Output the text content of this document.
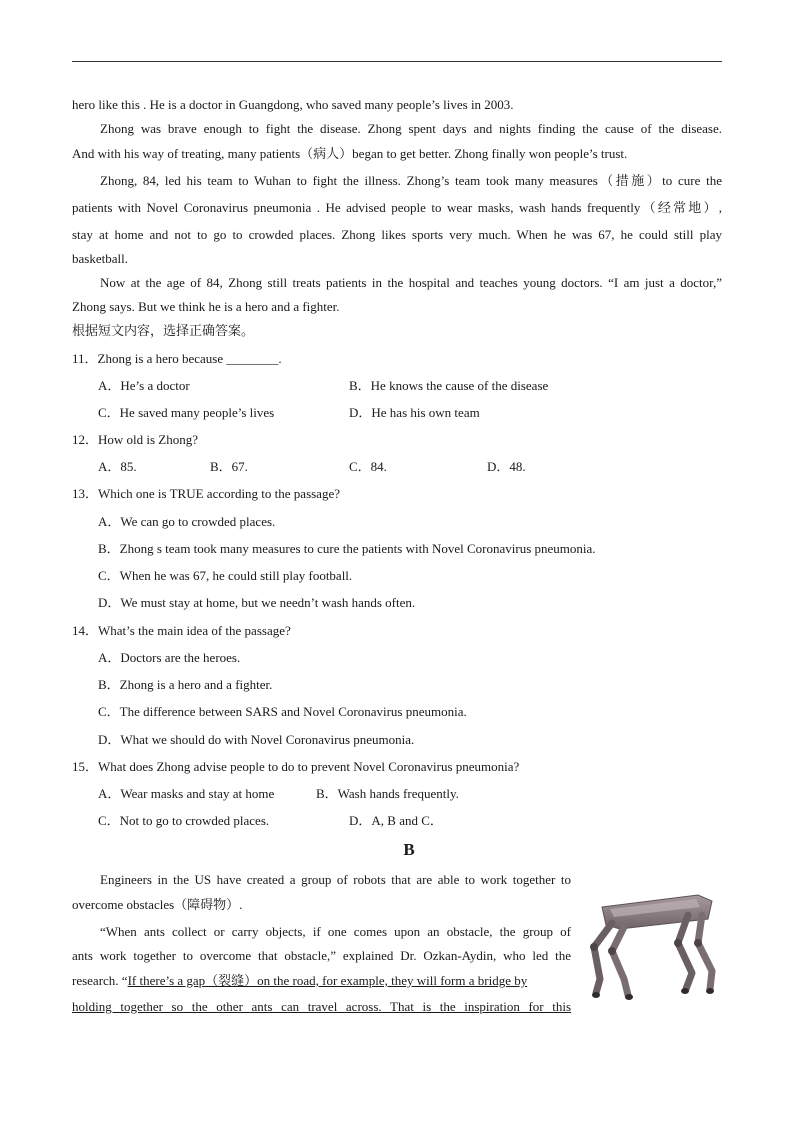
hero like this . He is a doctor in Guangdong, who saved many people’s lives in 2003.
Zhong was brave enough to fight the disease. Zhong spent days and nights finding the cause of the disease.
And with his way of treating, many patients（病人）began to get better. Zhong finally won people’s trust.
Zhong, 84, led his team to Wuhan to fight the illness. Zhong’s team took many measures（措施）to cure the
patients with Novel Coronavirus pneumonia . He advised people to wear masks, wash hands frequently（经常地）,
stay at home and not to go to crowded places. Zhong likes sports very much. When he was 67, he could still play
basketball.
Now at the age of 84, Zhong still treats patients in the hospital and teaches young doctors. “I am just a doctor,”
Zhong says. But we think he is a hero and a fighter.
根据短文内容，选择正确答案。
11．Zhong is a hero because ________.
A．He’s a doctor	B．He knows the cause of the disease
C．He saved many people’s lives	D．He has his own team
12．How old is Zhong?
A．85.	B．67.	C．84.	D．48.
13．Which one is TRUE according to the passage?
A．We can go to crowded places.
B．Zhong s team took many measures to cure the patients with Novel Coronavirus pneumonia.
C．When he was 67, he could still play football.
D．We must stay at home, but we needn’t wash hands often.
14．What’s the main idea of the passage?
A．Doctors are the heroes.
B．Zhong is a hero and a fighter.
C．The difference between SARS and Novel Coronavirus pneumonia.
D．What we should do with Novel Coronavirus pneumonia.
15．What does Zhong advise people to do to prevent Novel Coronavirus pneumonia?
A．Wear masks and stay at home	B．Wash hands frequently.
C．Not to go to crowded places.	D．A, B and C．
B
Engineers in the US have created a group of robots that are able to work together to
overcome obstacles（障碍物）.
“When ants collect or carry objects, if one comes upon an obstacle, the group of
ants work together to overcome that obstacle,” explained Dr. Ozkan-Aydin, who led the
research. “If there’s a gap（裂缝）on the road, for example, they will form a bridge by
holding together so the other ants can travel across. That is the inspiration for this
